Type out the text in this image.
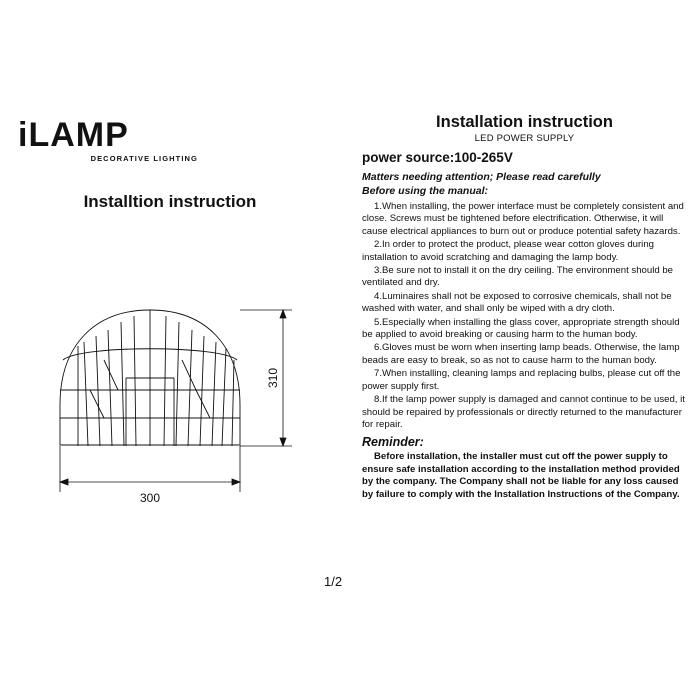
iLAMP
DECORATIVE LIGHTING
Installtion instruction
300
310
Installation instruction
LED POWER SUPPLY
power source:100-265V
Matters needing attention; Please read carefully
Before using the manual:
1.When installing, the power interface must be completely consistent and close. Screws must be tightened before electrification. Otherwise, it will cause electrical appliances to burn out or produce potential safety hazards.
2.In order to protect the product, please wear cotton gloves during installation to avoid scratching and damaging the lamp body.
3.Be sure not to install it on the dry ceiling. The environment should be ventilated and dry.
4.Luminaires shall not be exposed to corrosive chemicals, shall not be washed with water, and shall only be wiped with a dry cloth.
5.Especially when installing the glass cover, appropriate strength should be applied to avoid breaking or causing harm to the human body.
6.Gloves must be worn when inserting lamp beads. Otherwise, the lamp beads are easy to break, so as not to cause harm to the human body.
7.When installing, cleaning lamps and replacing bulbs, please cut off the power supply first.
8.If the lamp power supply is damaged and cannot continue to be used, it should be repaired by professionals or directly returned to the manufacturer for repair.
Reminder:
Before installation, the installer must cut off the power supply to ensure safe installation according to the installation method provided by the company. The Company shall not be liable for any loss caused by failure to comply with the Installation Instructions of the Company.
1/2
